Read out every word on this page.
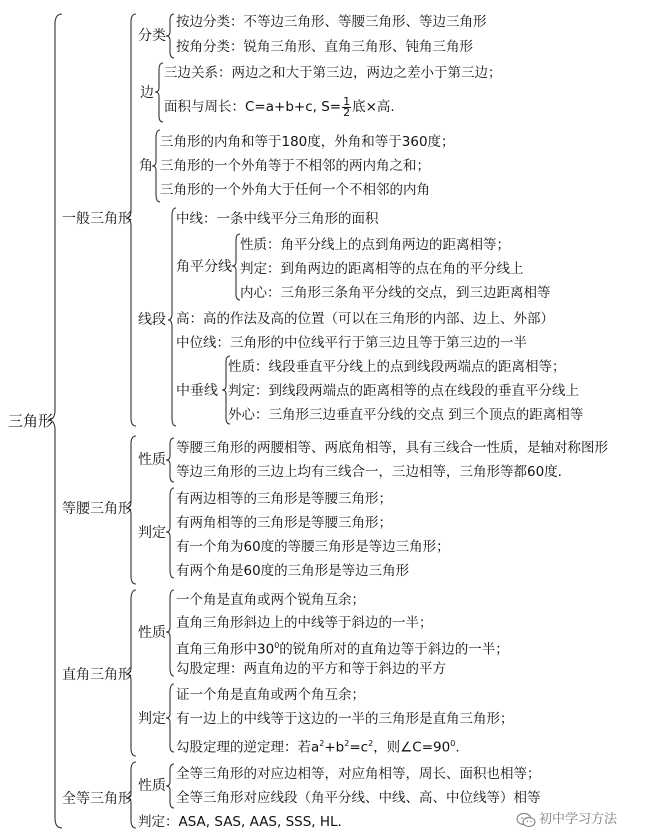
三角形
一般三角形
分类
按边分类：不等边三角形、等腰三角形、等边三角形
按角分类：锐角三角形、直角三角形、钝角三角形
边
三边关系：两边之和大于第三边，两边之差小于第三边；
面积与周长：C=a+b+c, $S= \frac{1}{2}$ 底×高.
角
三角形的内角和等于180度，外角和等于360度；
三角形的一个外角等于不相邻的两内角之和；
三角形的一个外角大于任何一个不相邻的内角
线段
中线：一条中线平分三角形的面积
角平分线
性质：角平分线上的点到角两边的距离相等；
判定：到角两边的距离相等的点在角的平分线上
内心：三角形三条角平分线的交点，到三边距离相等
高：高的作法及高的位置（可以在三角形的内部、边上、外部）
中位线：三角形的中位线平行于第三边且等于第三边的一半
中垂线
性质：线段垂直平分线上的点到线段两端点的距离相等；
判定：到线段两端点的距离相等的点在线段的垂直平分线上
外心：三角形三边垂直平分线的交点 到三个顶点的距离相等
等腰三角形
性质
等腰三角形的两腰相等、两底角相等，具有三线合一性质，是轴对称图形
等边三角形的三边上均有三线合一，三边相等，三角形等都60度.
判定
有两边相等的三角形是等腰三角形；
有两角相等的三角形是等腰三角形；
有一个角为60度的等腰三角形是等边三角形；
有两个角是60度的三角形是等边三角形
直角三角形
性质
一个角是直角或两个锐角互余；
直角三角形斜边上的中线等于斜边的一半；
直角三角形中$30^0$的锐角所对的直角边等于斜边的一半；
勾股定理：两直角边的平方和等于斜边的平方
判定
证一个角是直角或两个角互余；
有一边上的中线等于这边的一半的三角形是直角三角形；
勾股定理的逆定理：若$a^2+b^2=c^2$，则$\angle C=90^0$.
全等三角形
性质
全等三角形的对应边相等，对应角相等，周长、面积也相等；
全等三角形对应线段（角平分线、中线、高、中位线等）相等
判定：ASA, SAS, AAS, SSS, HL.	初中学习方法
